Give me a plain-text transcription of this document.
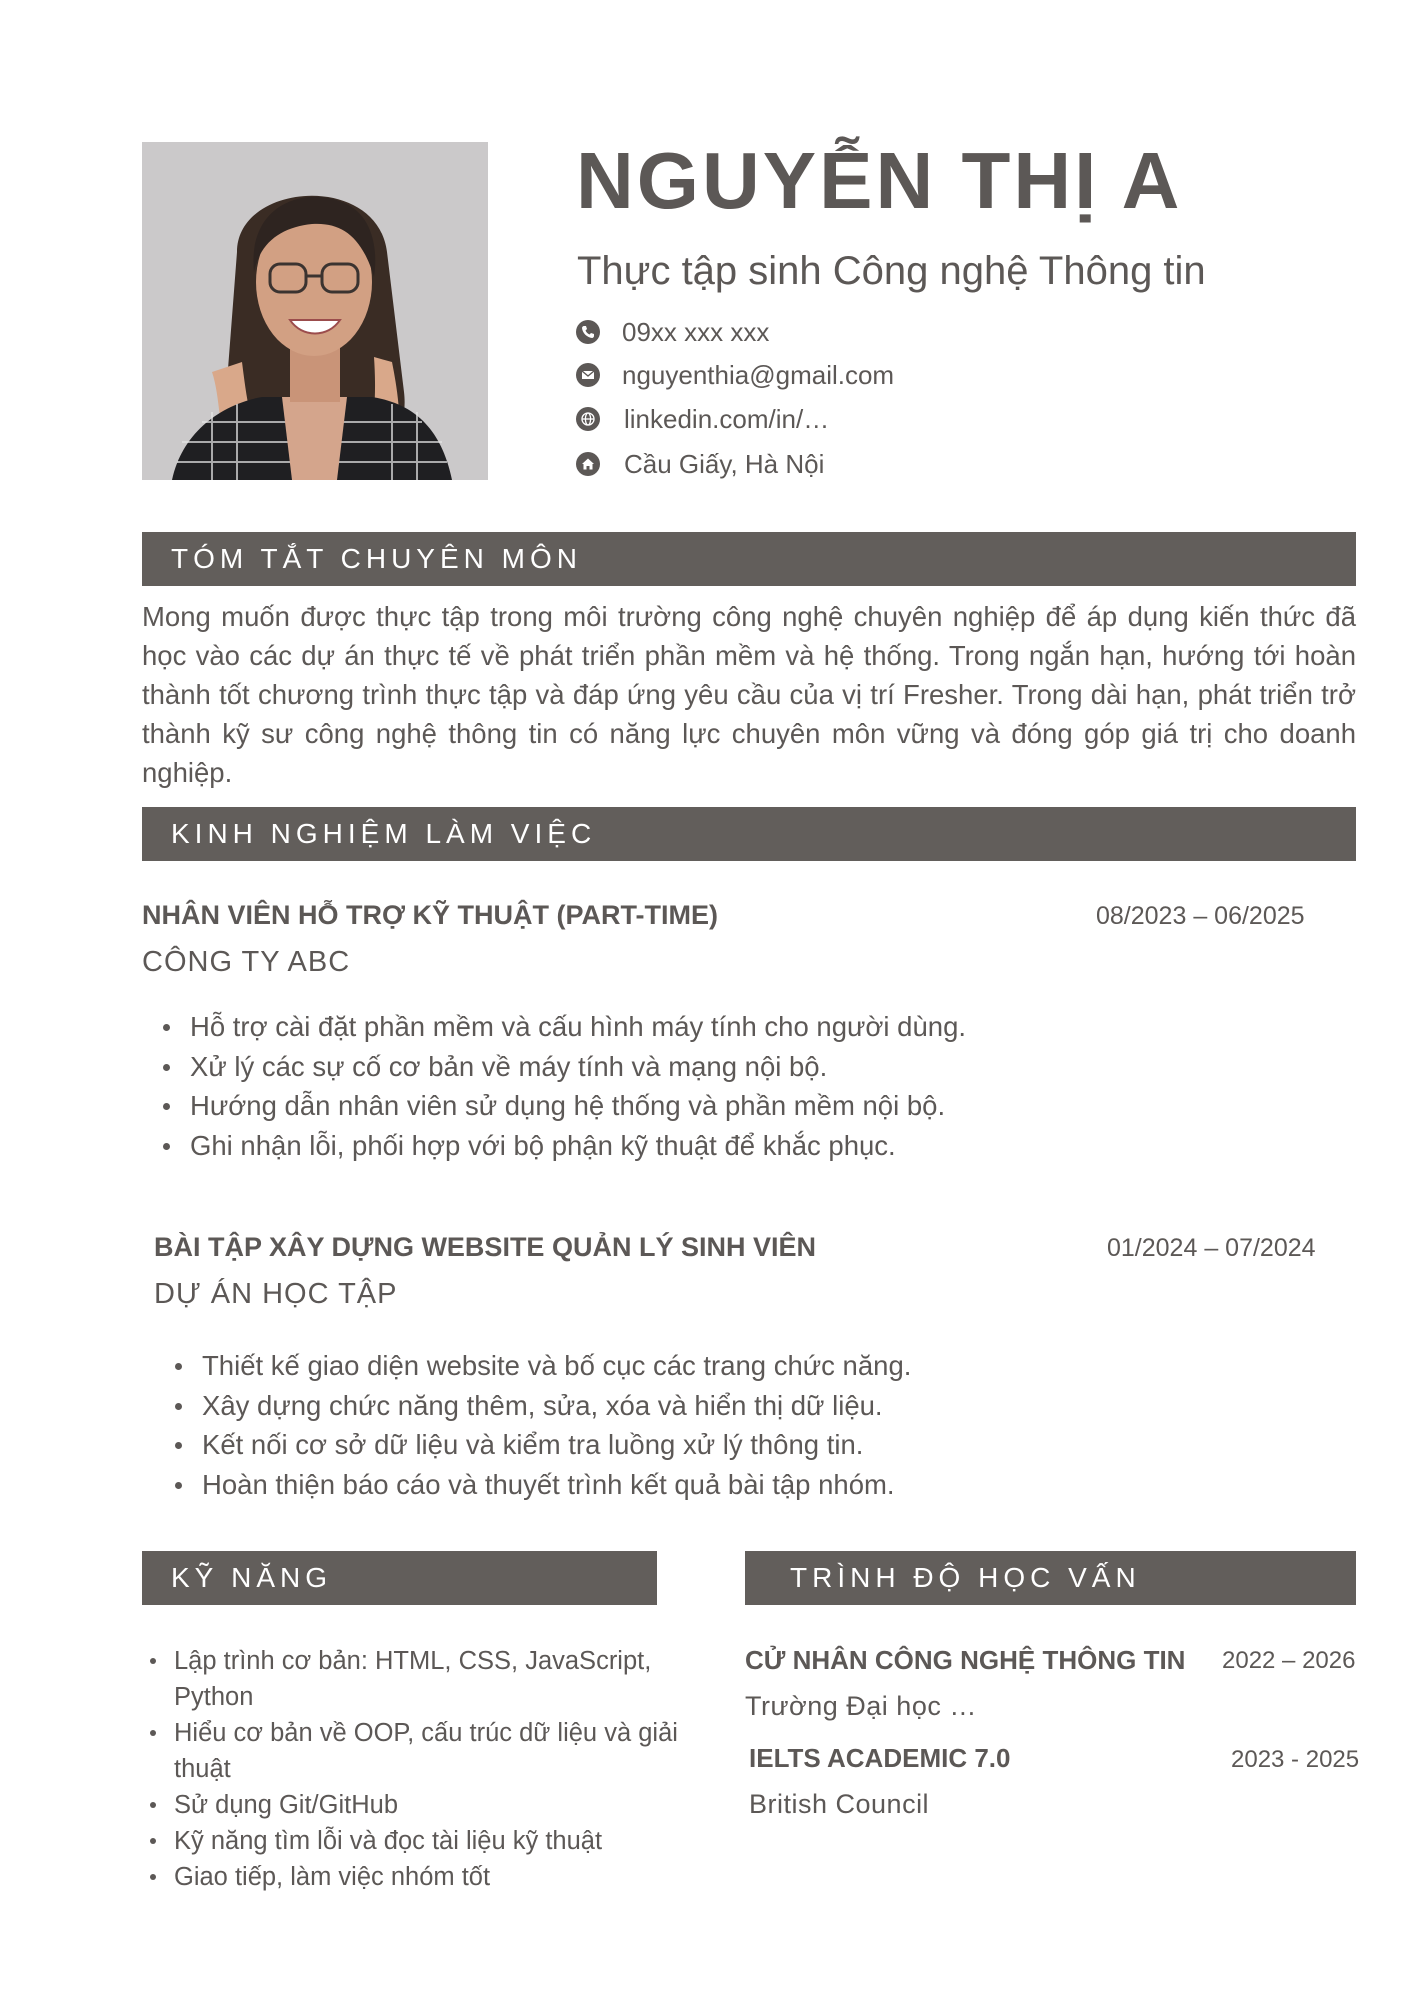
NGUYỄN THỊ A
Thực tập sinh Công nghệ Thông tin
09xx xxx xxx
nguyenthia@gmail.com
linkedin.com/in/…
Cầu Giấy, Hà Nội
TÓM TẮT CHUYÊN MÔN
Mong muốn được thực tập trong môi trường công nghệ chuyên nghiệp để áp dụng kiến thức đã học vào các dự án thực tế về phát triển phần mềm và hệ thống. Trong ngắn hạn, hướng tới hoàn thành tốt chương trình thực tập và đáp ứng yêu cầu của vị trí Fresher. Trong dài hạn, phát triển trở thành kỹ sư công nghệ thông tin có năng lực chuyên môn vững và đóng góp giá trị cho doanh nghiệp.
KINH NGHIỆM LÀM VIỆC
NHÂN VIÊN HỖ TRỢ KỸ THUẬT (PART-TIME)	08/2023 – 06/2025
CÔNG TY ABC
Hỗ trợ cài đặt phần mềm và cấu hình máy tính cho người dùng.
Xử lý các sự cố cơ bản về máy tính và mạng nội bộ.
Hướng dẫn nhân viên sử dụng hệ thống và phần mềm nội bộ.
Ghi nhận lỗi, phối hợp với bộ phận kỹ thuật để khắc phục.
BÀI TẬP XÂY DỰNG WEBSITE QUẢN LÝ SINH VIÊN	01/2024 – 07/2024
DỰ ÁN HỌC TẬP
Thiết kế giao diện website và bố cục các trang chức năng.
Xây dựng chức năng thêm, sửa, xóa và hiển thị dữ liệu.
Kết nối cơ sở dữ liệu và kiểm tra luồng xử lý thông tin.
Hoàn thiện báo cáo và thuyết trình kết quả bài tập nhóm.
KỸ NĂNG
Lập trình cơ bản: HTML, CSS, JavaScript, Python
Hiểu cơ bản về OOP, cấu trúc dữ liệu và giải thuật
Sử dụng Git/GitHub
Kỹ năng tìm lỗi và đọc tài liệu kỹ thuật
Giao tiếp, làm việc nhóm tốt
TRÌNH ĐỘ HỌC VẤN
CỬ NHÂN CÔNG NGHỆ THÔNG TIN 2022 – 2026
Trường Đại học …
IELTS ACADEMIC 7.0	2023 - 2025
British Council
